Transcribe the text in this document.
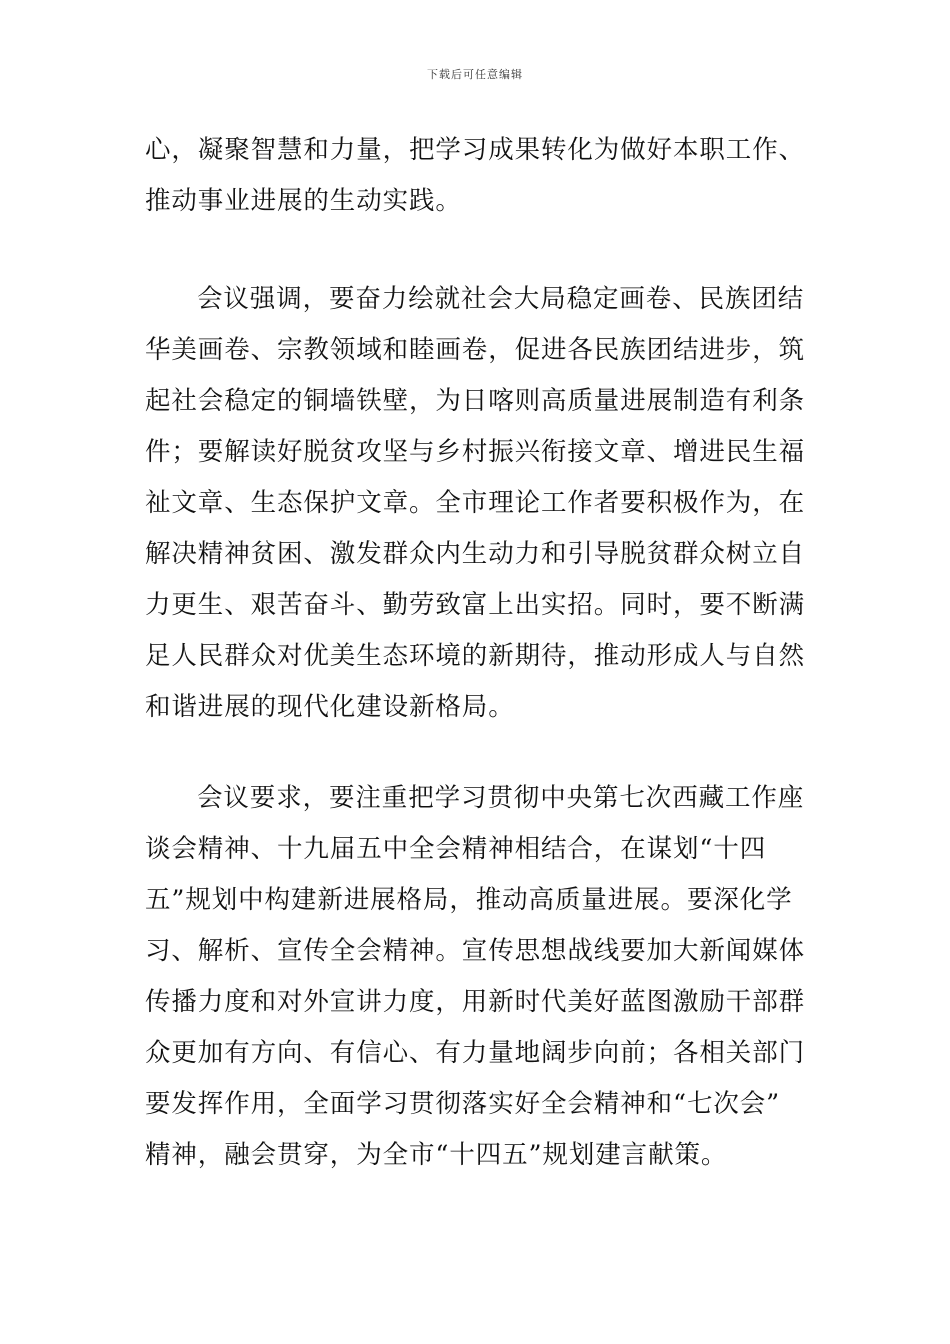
下载后可任意编辑
心，凝聚智慧和力量，把学习成果转化为做好本职工作、
推动事业进展的生动实践。
会议强调，要奋力绘就社会大局稳定画卷、民族团结
华美画卷、宗教领域和睦画卷，促进各民族团结进步，筑
起社会稳定的铜墙铁壁，为日喀则高质量进展制造有利条
件；要解读好脱贫攻坚与乡村振兴衔接文章、增进民生福
祉文章、生态保护文章。全市理论工作者要积极作为，在
解决精神贫困、激发群众内生动力和引导脱贫群众树立自
力更生、艰苦奋斗、勤劳致富上出实招。同时，要不断满
足人民群众对优美生态环境的新期待，推动形成人与自然
和谐进展的现代化建设新格局。
会议要求，要注重把学习贯彻中央第七次西藏工作座
谈会精神、十九届五中全会精神相结合，在谋划“十四
五”规划中构建新进展格局，推动高质量进展。要深化学
习、解析、宣传全会精神。宣传思想战线要加大新闻媒体
传播力度和对外宣讲力度，用新时代美好蓝图激励干部群
众更加有方向、有信心、有力量地阔步向前；各相关部门
要发挥作用，全面学习贯彻落实好全会精神和“七次会”
精神，融会贯穿，为全市“十四五”规划建言献策。
